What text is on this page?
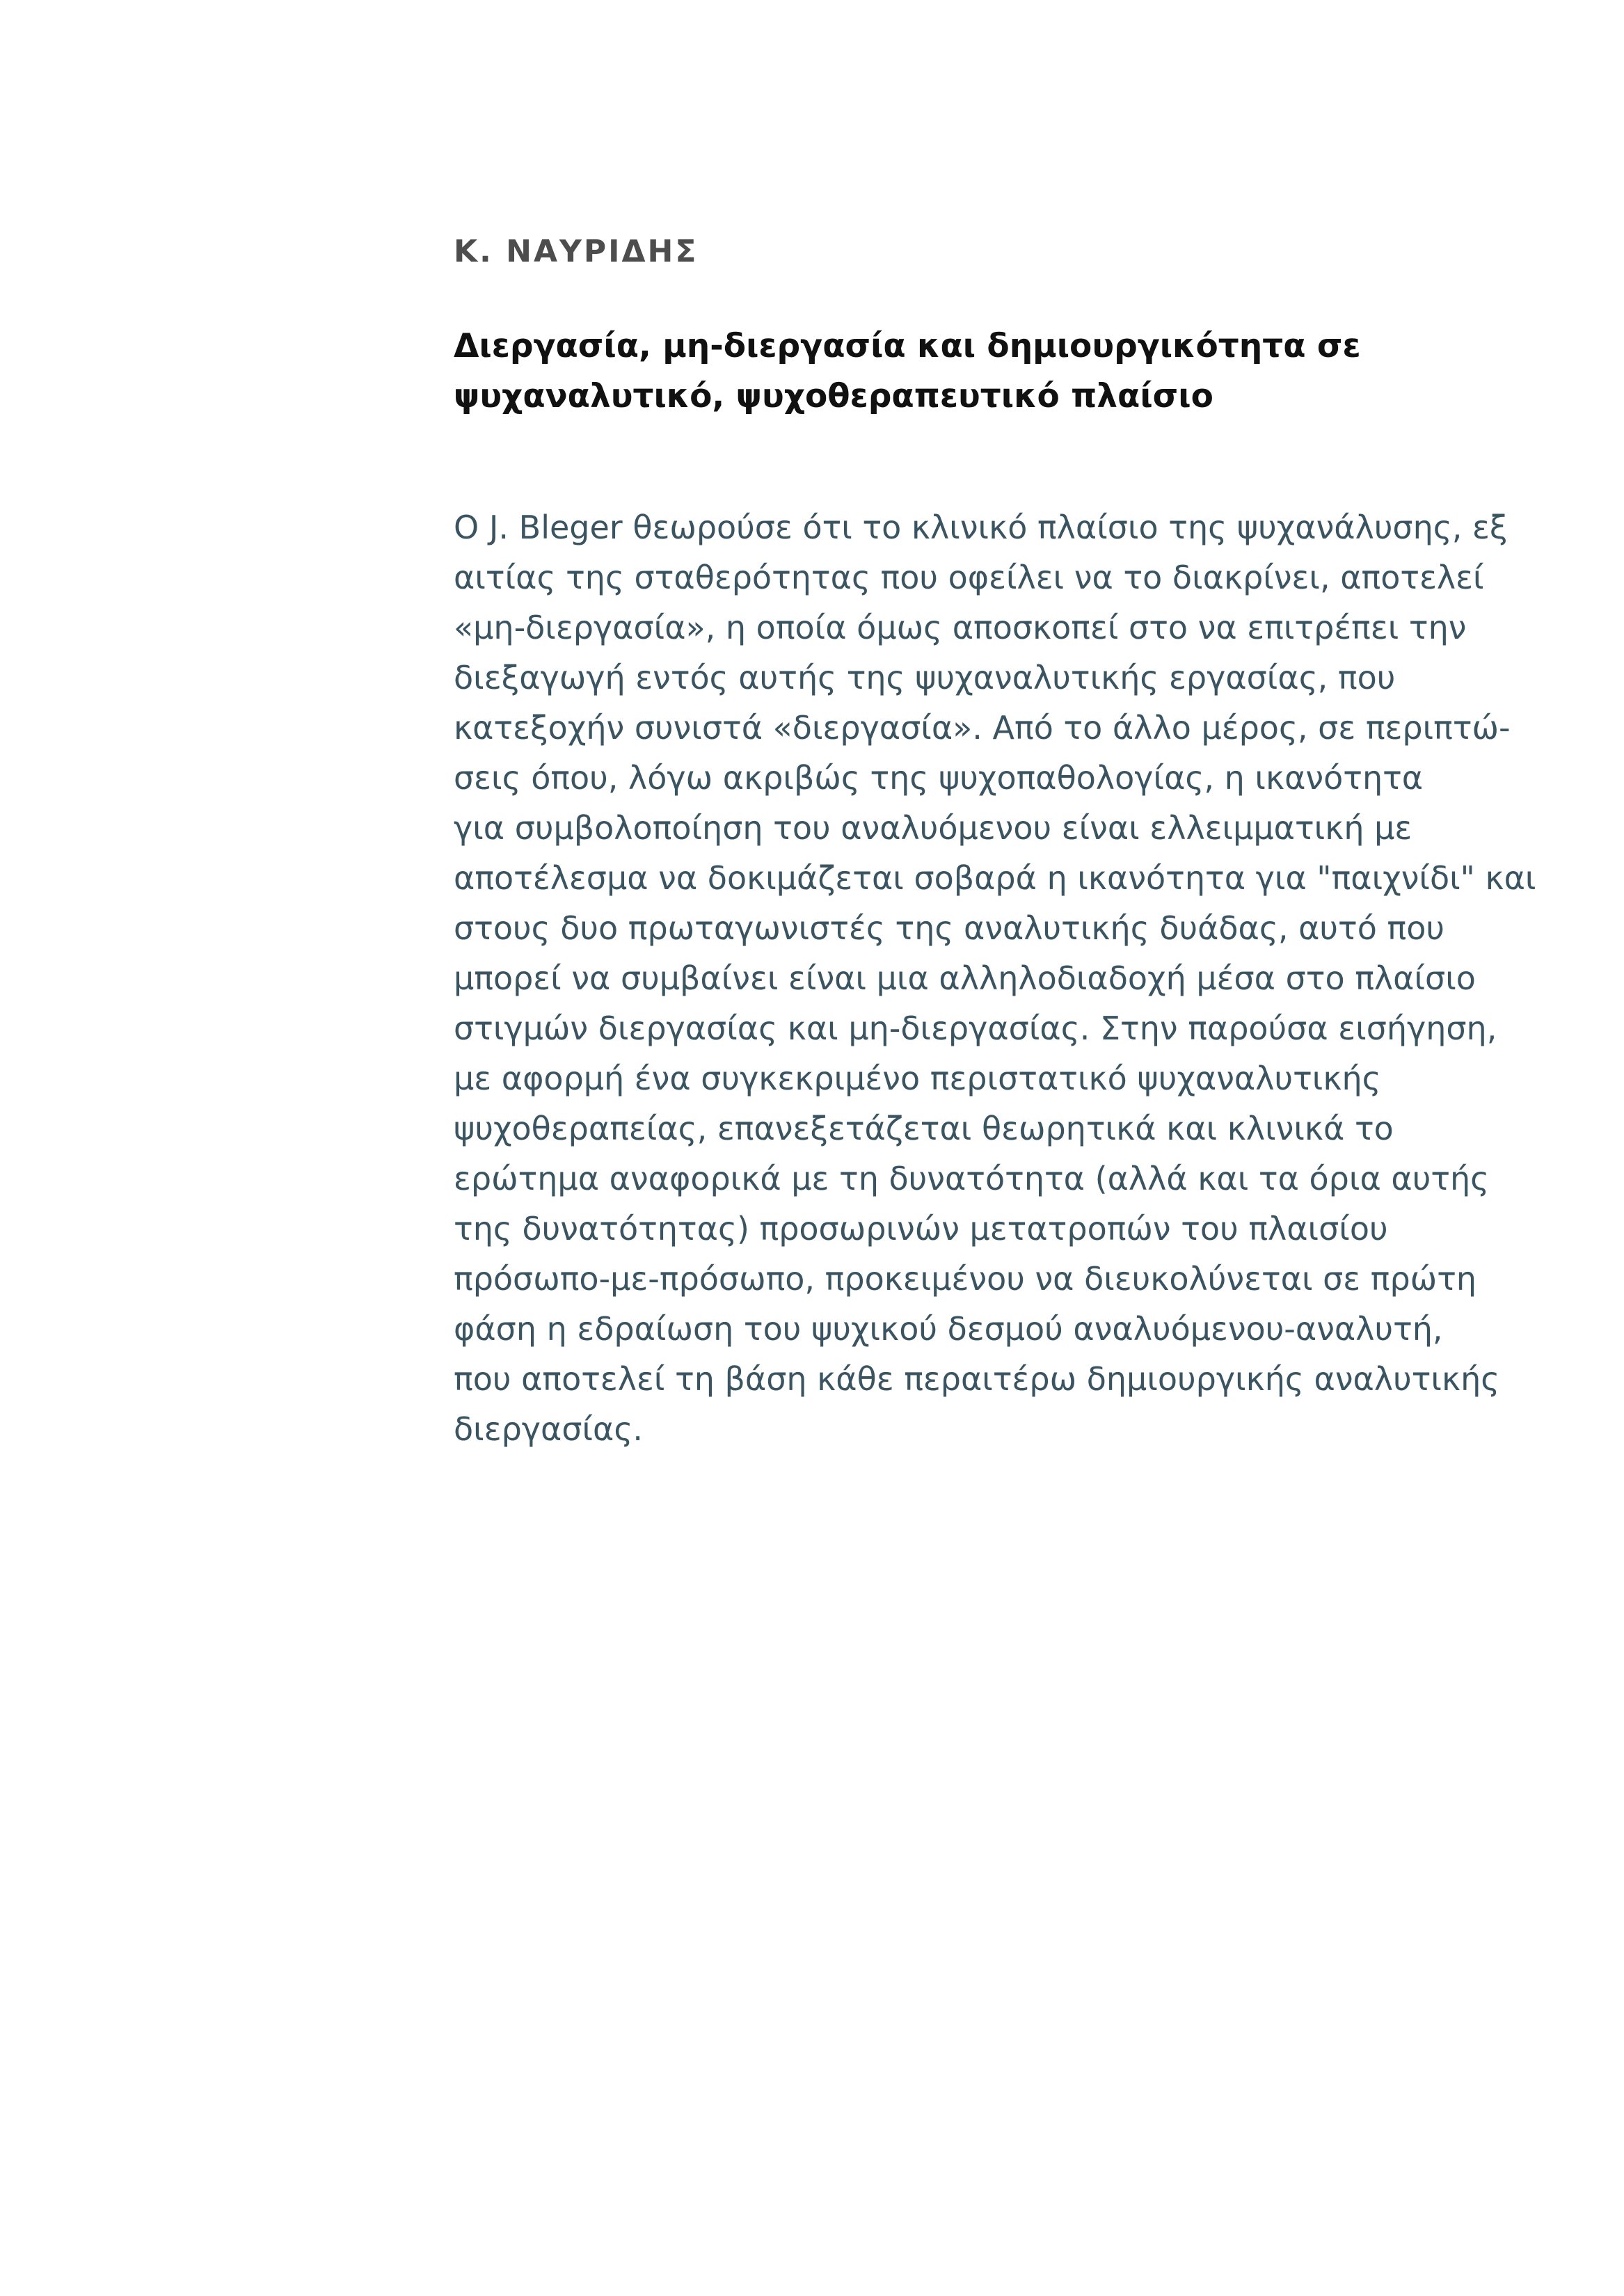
Κ. ΝΑΥΡΙΔΗΣ
Διεργασία, μη-διεργασία και δημιουργικότητα σε
ψυχαναλυτικό, ψυχοθεραπευτικό πλαίσιο
Ο J. Bleger θεωρούσε ότι το κλινικό πλαίσιο της ψυχανάλυσης, εξ
αιτίας της σταθερότητας που οφείλει να το διακρίνει, αποτελεί
«μη-διεργασία», η οποία όμως αποσκοπεί στο να επιτρέπει την
διεξαγωγή εντός αυτής της ψυχαναλυτικής εργασίας, που
κατεξοχήν συνιστά «διεργασία». Από το άλλο μέρος, σε περιπτώ-
σεις όπου, λόγω ακριβώς της ψυχοπαθολογίας, η ικανότητα
για συμβολοποίηση του αναλυόμενου είναι ελλειμματική με
αποτέλεσμα να δοκιμάζεται σοβαρά η ικανότητα για "παιχνίδι" και
στους δυο πρωταγωνιστές της αναλυτικής δυάδας, αυτό που
μπορεί να συμβαίνει είναι μια αλληλοδιαδοχή μέσα στο πλαίσιο
στιγμών διεργασίας και μη-διεργασίας. Στην παρούσα εισήγηση,
με αφορμή ένα συγκεκριμένο περιστατικό ψυχαναλυτικής
ψυχοθεραπείας, επανεξετάζεται θεωρητικά και κλινικά το
ερώτημα αναφορικά με τη δυνατότητα (αλλά και τα όρια αυτής
της δυνατότητας) προσωρινών μετατροπών του πλαισίου
πρόσωπο-με-πρόσωπο, προκειμένου να διευκολύνεται σε πρώτη
φάση η εδραίωση του ψυχικού δεσμού αναλυόμενου-αναλυτή,
που αποτελεί τη βάση κάθε περαιτέρω δημιουργικής αναλυτικής
διεργασίας.
